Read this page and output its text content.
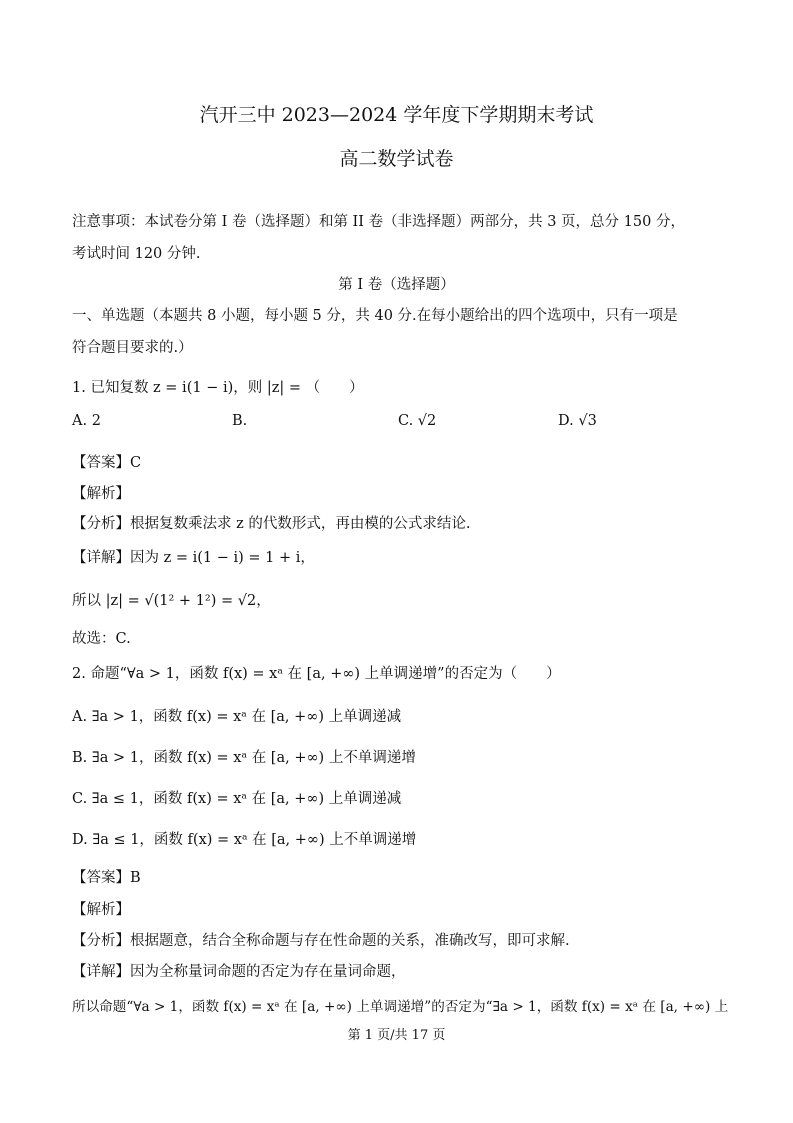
汽开三中 2023—2024 学年度下学期期末考试
高二数学试卷
注意事项：本试卷分第 I 卷（选择题）和第 II 卷（非选择题）两部分，共 3 页，总分 150 分，
考试时间 120 分钟.
第 I 卷（选择题）
一、单选题（本题共 8 小题，每小题 5 分，共 40 分.在每小题给出的四个选项中，只有一项是
符合题目要求的.）
1. 已知复数 z = i(1 − i)，则 |z| = （　　）
A. 2	B.	C. √2	D. √3
【答案】C
【解析】
【分析】根据复数乘法求 z 的代数形式，再由模的公式求结论.
【详解】因为 z = i(1 − i) = 1 + i，
所以 |z| = √(1² + 1²) = √2，
故选：C.
2. 命题“∀a > 1，函数 f(x) = xᵃ 在 [a, +∞) 上单调递增”的否定为（　　）
A. ∃a > 1，函数 f(x) = xᵃ 在 [a, +∞) 上单调递减
B. ∃a > 1，函数 f(x) = xᵃ 在 [a, +∞) 上不单调递增
C. ∃a ≤ 1，函数 f(x) = xᵃ 在 [a, +∞) 上单调递减
D. ∃a ≤ 1，函数 f(x) = xᵃ 在 [a, +∞) 上不单调递增
【答案】B
【解析】
【分析】根据题意，结合全称命题与存在性命题的关系，准确改写，即可求解.
【详解】因为全称量词命题的否定为存在量词命题，
所以命题“∀a > 1，函数 f(x) = xᵃ 在 [a, +∞) 上单调递增”的否定为“∃a > 1，函数 f(x) = xᵃ 在 [a, +∞) 上
第 1 页/共 17 页
